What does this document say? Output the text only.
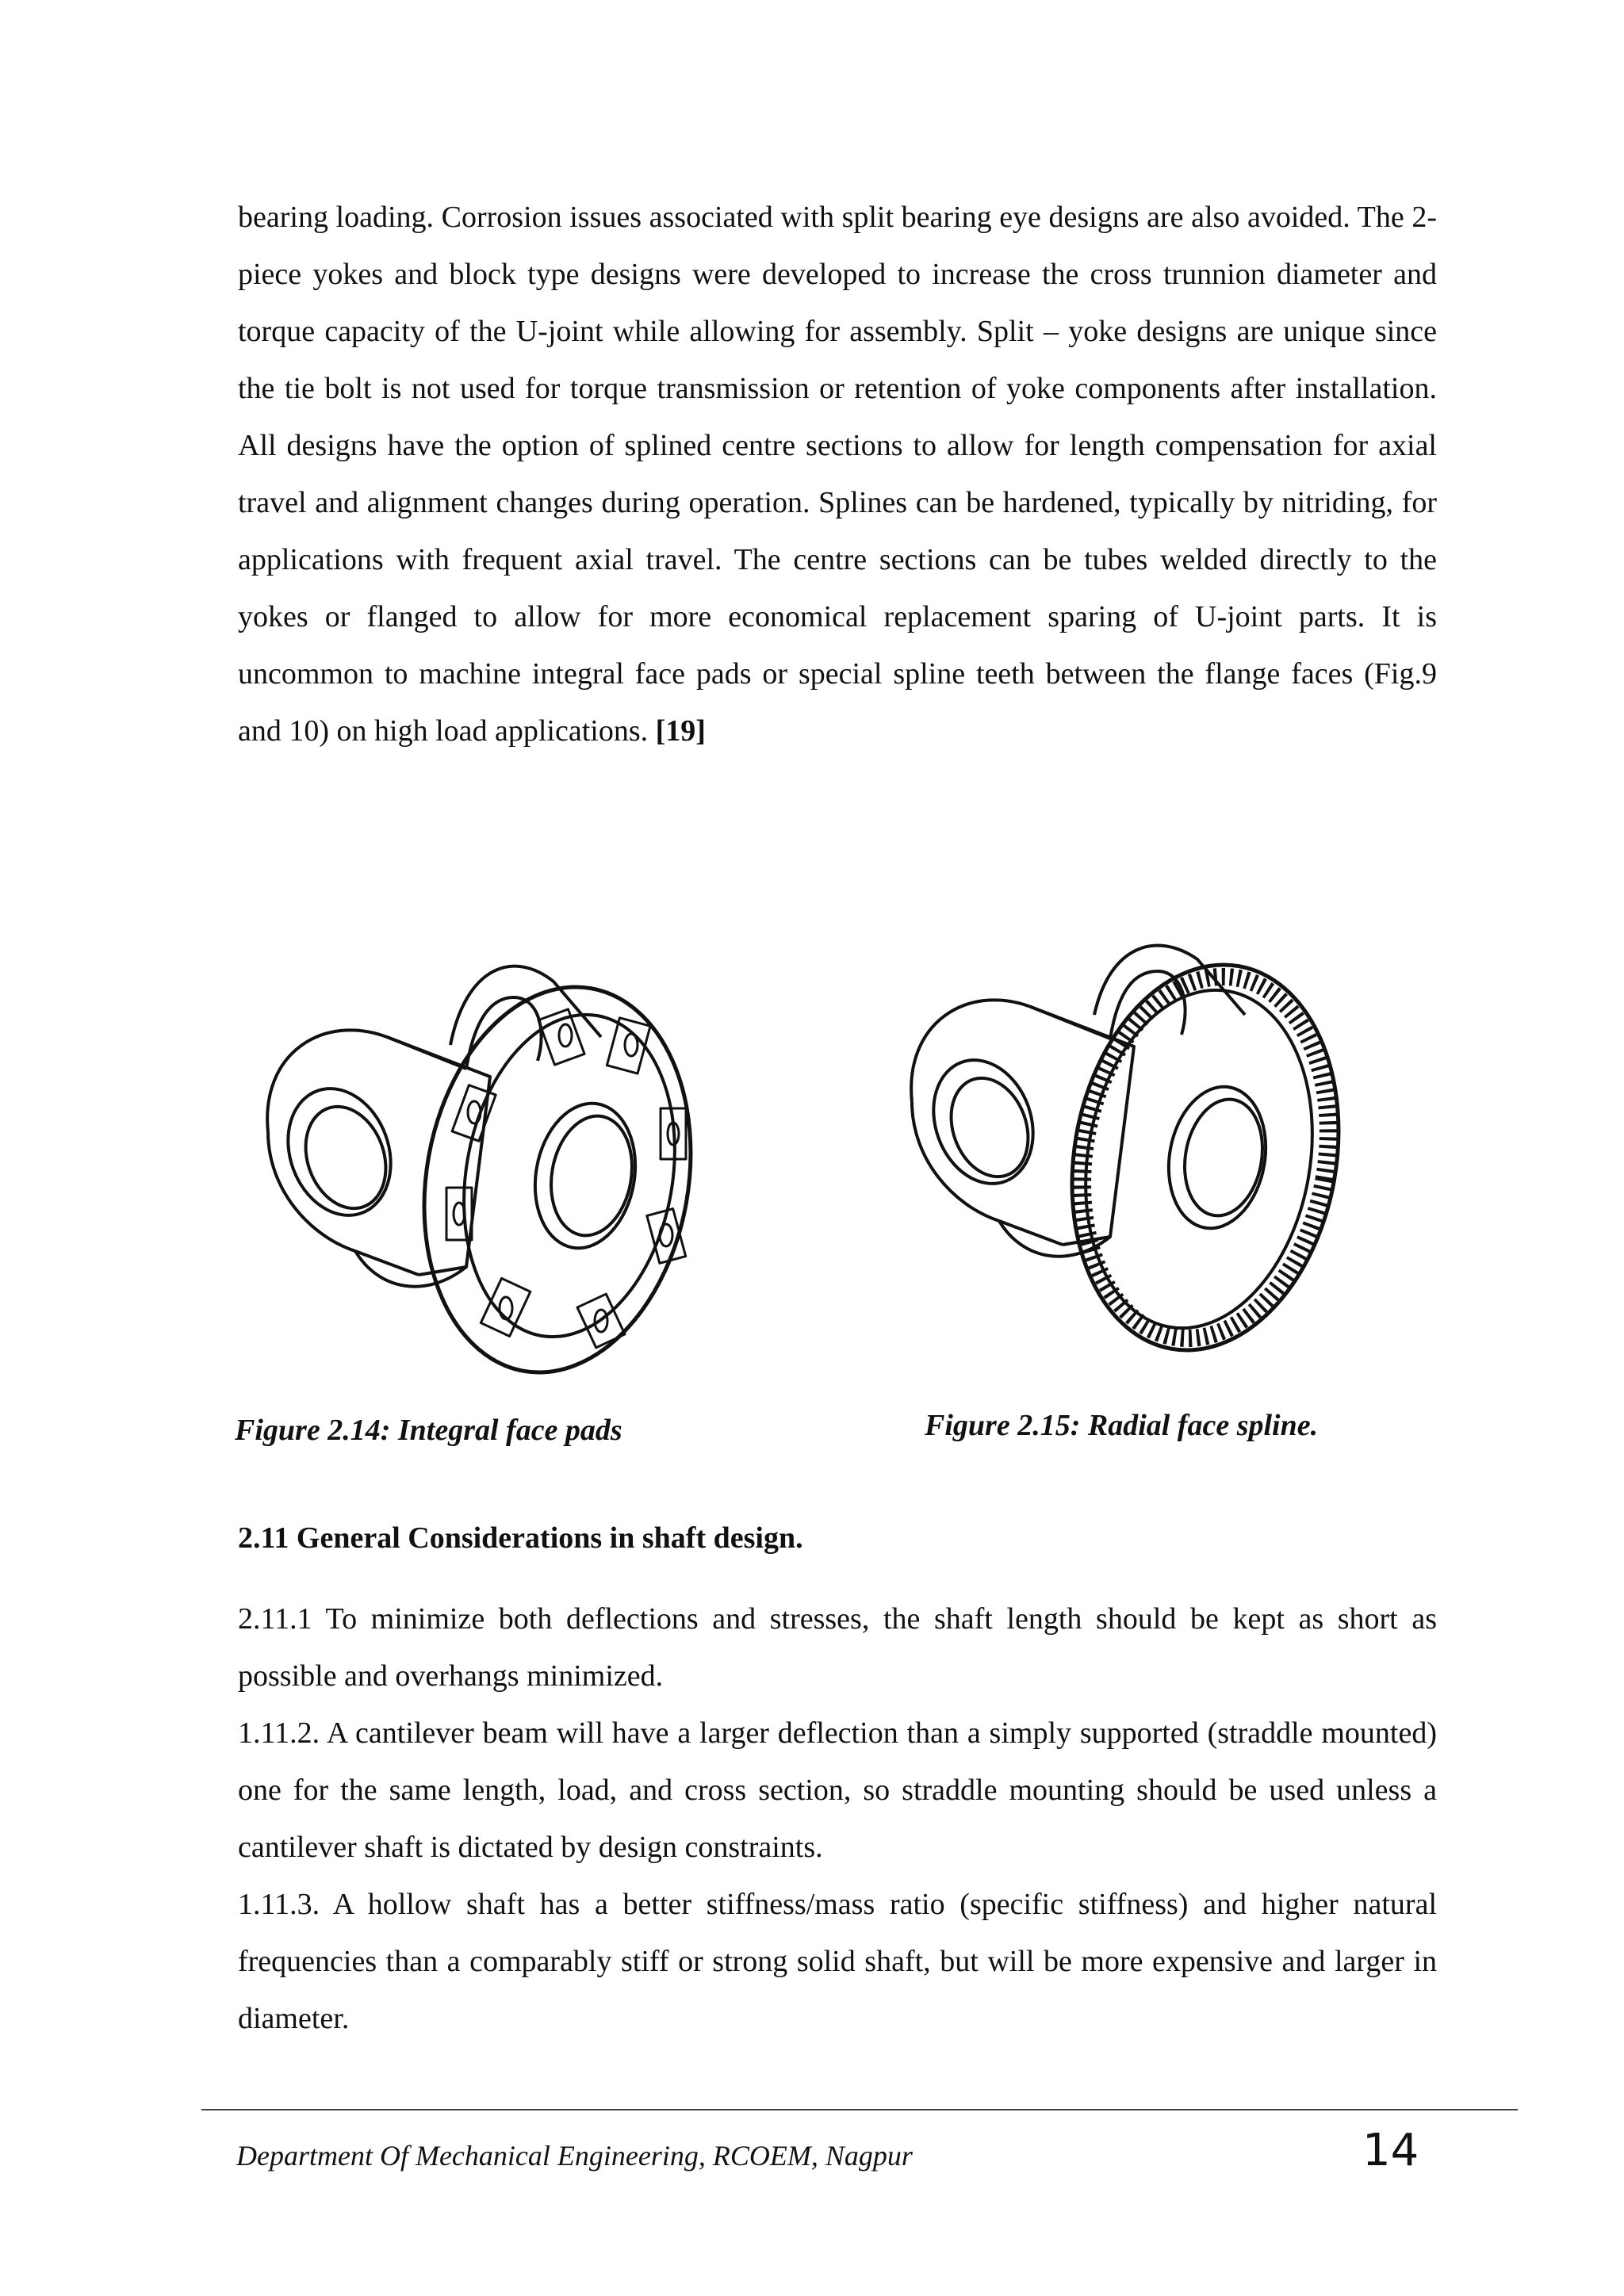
bearing loading. Corrosion issues associated with split bearing eye designs are also avoided. The 2-piece yokes and block type designs were developed to increase the cross trunnion diameter and torque capacity of the U-joint while allowing for assembly. Split – yoke designs are unique since the tie bolt is not used for torque transmission or retention of yoke components after installation. All designs have the option of splined centre sections to allow for length compensation for axial travel and alignment changes during operation. Splines can be hardened, typically by nitriding, for applications with frequent axial travel. The centre sections can be tubes welded directly to the yokes or flanged to allow for more economical replacement sparing of U-joint parts. It is uncommon to machine integral face pads or special spline teeth between the flange faces (Fig.9 and 10) on high load applications. [19]

Figure 2.14: Integral face pads	Figure 2.15: Radial face spline.

2.11 General Considerations in shaft design.

2.11.1 To minimize both deflections and stresses, the shaft length should be kept as short as possible and overhangs minimized.

1.11.2. A cantilever beam will have a larger deflection than a simply supported (straddle mounted) one for the same length, load, and cross section, so straddle mounting should be used unless a cantilever shaft is dictated by design constraints.

1.11.3. A hollow shaft has a better stiffness/mass ratio (specific stiffness) and higher natural frequencies than a comparably stiff or strong solid shaft, but will be more expensive and larger in diameter.

Department Of Mechanical Engineering, RCOEM, Nagpur	14
